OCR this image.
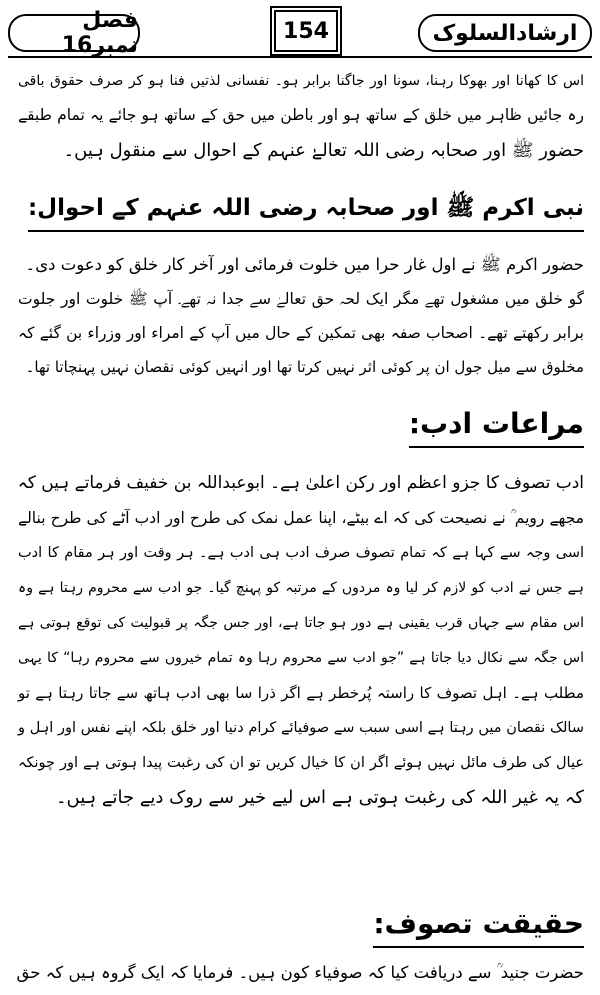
فصل نمبر16
154	ارشادالسلوک
اس کا کھانا اور بھوکا رہنا، سونا اور جاگنا برابر ہو۔ نفسانی لذتیں فنا ہو کر صرف حقوق باقی
رہ جائیں ظاہر میں خلق کے ساتھ ہو اور باطن میں حق کے ساتھ ہو جائے یہ تمام طبقے
حضور ﷺ اور صحابہ رضی اللہ تعالےٰ عنہم کے احوال سے منقول ہیں۔
نبی اکرم ﷺ اور صحابہ رضی اللہ عنہم کے احوال:
حضور اکرم ﷺ نے اول غار حرا میں خلوت فرمائی اور آخر کار خلق کو دعوت دی۔
گو خلق میں مشغول تھے مگر ایک لحہ حق تعالےٰ سے جدا نہ تھے۔ آپ ﷺ خلوت اور جلوت
برابر رکھتے تھے۔ اصحاب صفہ بھی تمکین کے حال میں آپ کے امراء اور وزراء بن گئے کہ
مخلوق سے میل جول ان پر کوئی اثر نہیں کرتا تھا اور انہیں کوئی نقصان نہیں پہنچاتا تھا۔
مراعات ادب:
ادب تصوف کا جزو اعظم اور رکن اعلیٰ ہے۔ ابوعبداللہ بن خفیف فرماتے ہیں کہ
مجھے رویم ؒ نے نصیحت کی کہ اے بیٹے، اپنا عمل نمک کی طرح اور ادب آٹے کی طرح بنالے
اسی وجہ سے کہا ہے کہ تمام تصوف صرف ادب ہی ادب ہے۔ ہر وقت اور ہر مقام کا ادب
ہے جس نے ادب کو لازم کر لیا وہ مردوں کے مرتبہ کو پہنچ گیا۔ جو ادب سے محروم رہتا ہے وہ
اس مقام سے جہاں قرب یقینی ہے دور ہو جاتا ہے، اور جس جگہ پر قبولیت کی توقع ہوتی ہے
اس جگہ سے نکال دیا جاتا ہے ”جو ادب سے محروم رہا وہ تمام خیروں سے محروم رہا“ کا یہی
مطلب ہے۔ اہل تصوف کا راستہ پُرخطر ہے اگر ذرا سا بھی ادب ہاتھ سے جاتا رہتا ہے تو
سالک نقصان میں رہتا ہے اسی سبب سے صوفیائے کرام دنیا اور خلق بلکہ اپنے نفس اور اہل و
عیال کی طرف مائل نہیں ہوئے اگر ان کا خیال کریں تو ان کی رغبت پیدا ہوتی ہے اور چونکہ
کہ یہ غیر اللہ کی رغبت ہوتی ہے اس لیے خیر سے روک دیے جاتے ہیں۔
حقیقت تصوف:
حضرت جنید ؒ سے دریافت کیا کہ صوفیاء کون ہیں۔ فرمایا کہ ایک گروہ ہیں کہ حق
